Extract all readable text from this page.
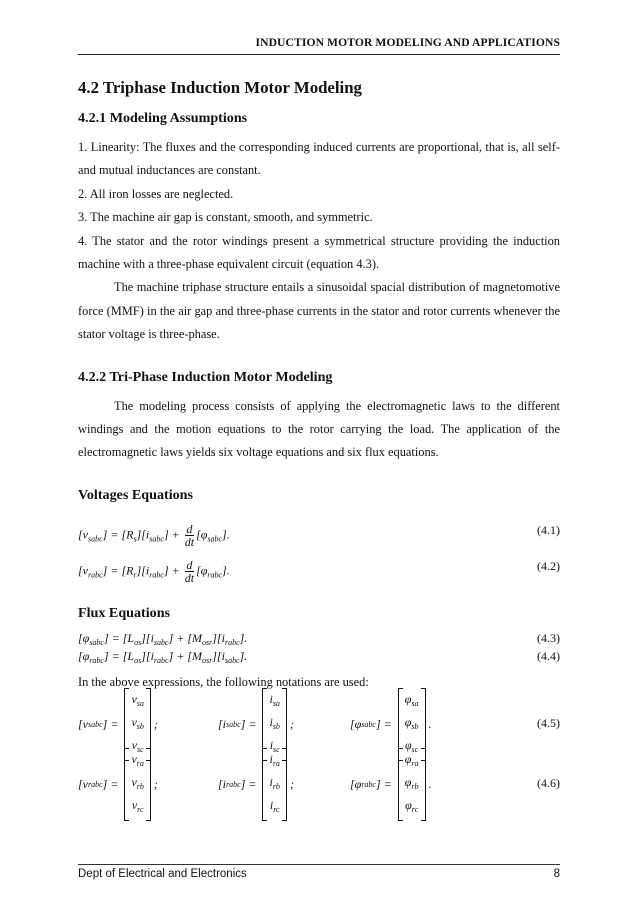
INDUCTION MOTOR MODELING AND APPLICATIONS
4.2 Triphase Induction Motor Modeling
4.2.1 Modeling Assumptions

1. Linearity: The fluxes and the corresponding induced currents are proportional, that is, all self- and mutual inductances are constant.

2. All iron losses are neglected.

3. The machine air gap is constant, smooth, and symmetric.

4. The stator and the rotor windings present a symmetrical structure providing the induction machine with a three-phase equivalent circuit (equation 4.3).

The machine triphase structure entails a sinusoidal spacial distribution of magnetomotive force (MMF) in the air gap and three-phase currents in the stator and rotor currents whenever the stator voltage is three-phase.

4.2.2 Tri-Phase Induction Motor Modeling

The modeling process consists of applying the electromagnetic laws to the different windings and the motion equations to the rotor carrying the load. The application of the electromagnetic laws yields six voltage equations and six flux equations.

Voltages Equations
$[v_{sabc}] = [R_s][i_{sabc}] + \frac{d}{dt} [\varphi_{sabc}]$.	(4.1)
$[v_{rabc}] = [R_r][i_{rabc}] + \frac{d}{dt} [\varphi_{rabc}]$.	(4.2)
Flux Equations
$[\varphi_{sabc}] = [L_{os}][i_{sabc}] + [M_{osr}][i_{rabc}]$.	(4.3)
$[\varphi_{rabc}] = [L_{os}][i_{rabc}] + [M_{osr}][i_{sabc}]$.	(4.4)

In the above expressions, the following notations are used:

[ v sabc ] =
$v_{sa}$
$v_{sb}$
$v_{sc}$
;	[ i sabc ] =
$i_{sa}$
$i_{sb}$
$i_{sc}$
;	[ φ sabc ] =
$\varphi_{sa}$
$\varphi_{sb}$
$\varphi_{sc}$
.	(4.5)
[ v rabc ] =
$v_{ra}$
$v_{rb}$
$v_{rc}$
;	[ i rabc ] =
$i_{ra}$
$i_{rb}$
$i_{rc}$
;	[ φ rabc ] =
$\varphi_{ra}$
$\varphi_{rb}$
$\varphi_{rc}$
.	(4.6)
Dept of Electrical and Electronics	8
